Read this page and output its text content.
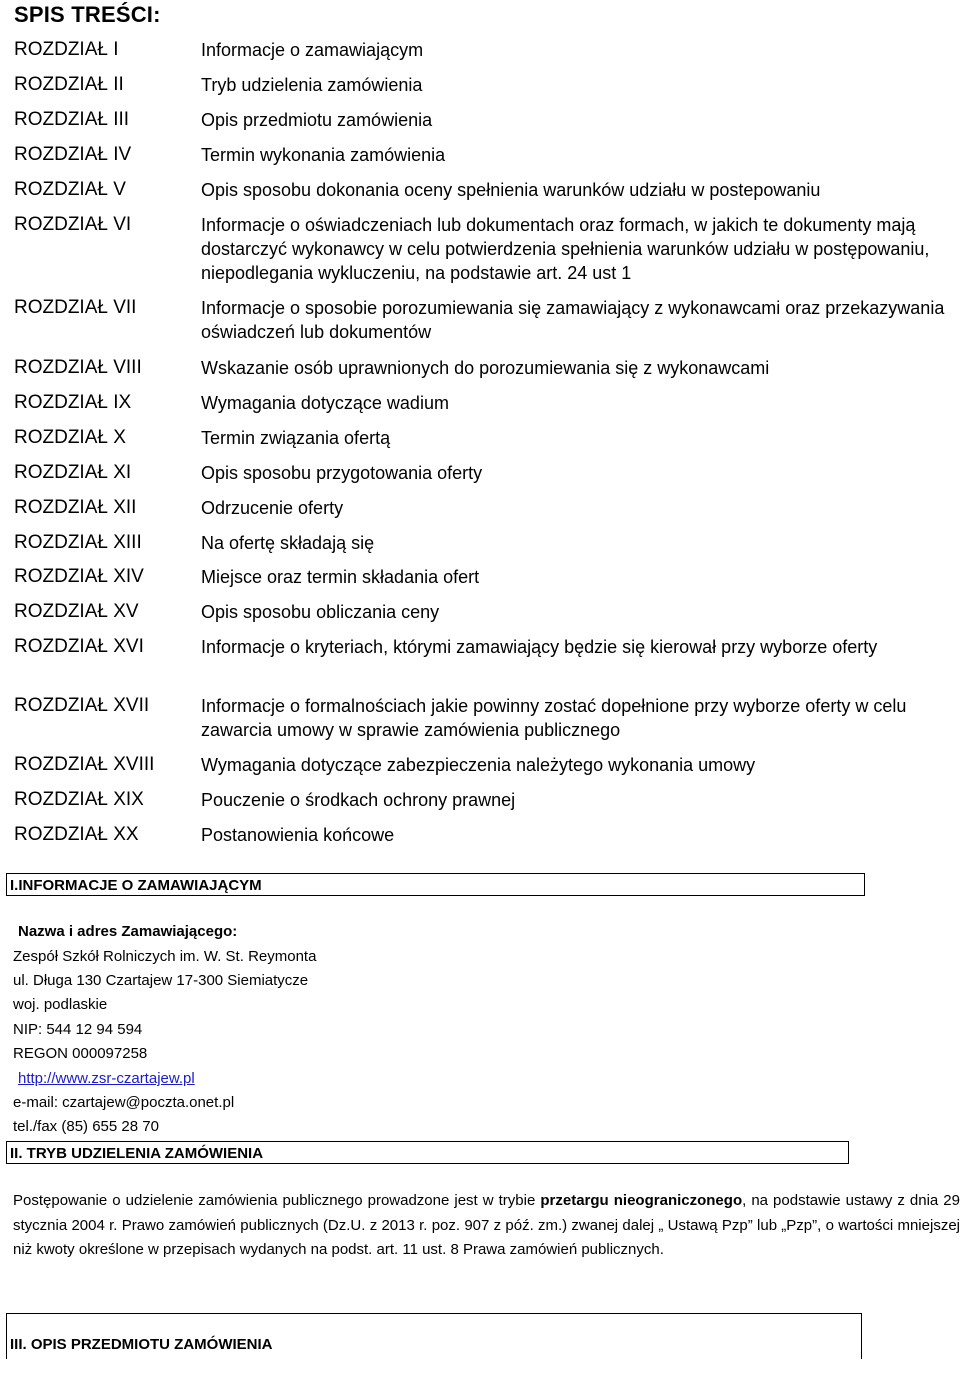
SPIS TREŚCI:
ROZDZIAŁ I	Informacje o zamawiającym
ROZDZIAŁ II	Tryb udzielenia zamówienia
ROZDZIAŁ III	Opis przedmiotu zamówienia
ROZDZIAŁ IV	Termin wykonania zamówienia
ROZDZIAŁ V	Opis sposobu dokonania oceny spełnienia warunków udziału w postepowaniu
ROZDZIAŁ VI	Informacje o oświadczeniach lub dokumentach oraz formach, w jakich te dokumenty mają dostarczyć wykonawcy w celu potwierdzenia spełnienia warunków udziału w postępowaniu, niepodlegania wykluczeniu, na podstawie art. 24 ust 1
ROZDZIAŁ VII	Informacje o sposobie porozumiewania się zamawiający z wykonawcami oraz przekazywania oświadczeń lub dokumentów
ROZDZIAŁ VIII	Wskazanie osób uprawnionych do porozumiewania się z wykonawcami
ROZDZIAŁ IX	Wymagania dotyczące wadium
ROZDZIAŁ X	Termin związania ofertą
ROZDZIAŁ XI	Opis sposobu przygotowania oferty
ROZDZIAŁ XII	Odrzucenie oferty
ROZDZIAŁ XIII	Na ofertę składają się
ROZDZIAŁ XIV	Miejsce oraz termin składania ofert
ROZDZIAŁ XV	Opis sposobu obliczania ceny
ROZDZIAŁ XVI	Informacje o kryteriach, którymi zamawiający będzie się kierował przy wyborze oferty
ROZDZIAŁ XVII	Informacje o formalnościach jakie powinny zostać dopełnione przy wyborze oferty w celu zawarcia umowy w sprawie zamówienia publicznego
ROZDZIAŁ XVIII	Wymagania dotyczące zabezpieczenia należytego wykonania umowy
ROZDZIAŁ XIX	Pouczenie o środkach ochrony prawnej
ROZDZIAŁ XX	Postanowienia końcowe
I.INFORMACJE O ZAMAWIAJĄCYM
Nazwa i adres Zamawiającego:
Zespół Szkół Rolniczych im. W. St. Reymonta
ul. Długa 130 Czartajew 17-300 Siemiatycze
woj. podlaskie
NIP: 544 12 94 594
REGON 000097258
http://www.zsr-czartajew.pl
e-mail: czartajew@poczta.onet.pl
tel./fax (85) 655 28 70
II. TRYB UDZIELENIA ZAMÓWIENIA
Postępowanie o udzielenie zamówienia publicznego prowadzone jest w trybie przetargu nieograniczonego, na podstawie ustawy z dnia 29 stycznia 2004 r. Prawo zamówień publicznych (Dz.U. z 2013 r. poz. 907 z póź. zm.) zwanej dalej „ Ustawą Pzp” lub „Pzp”, o wartości mniejszej niż kwoty określone w przepisach wydanych na podst. art. 11 ust. 8 Prawa zamówień publicznych.
III. OPIS PRZEDMIOTU ZAMÓWIENIA
